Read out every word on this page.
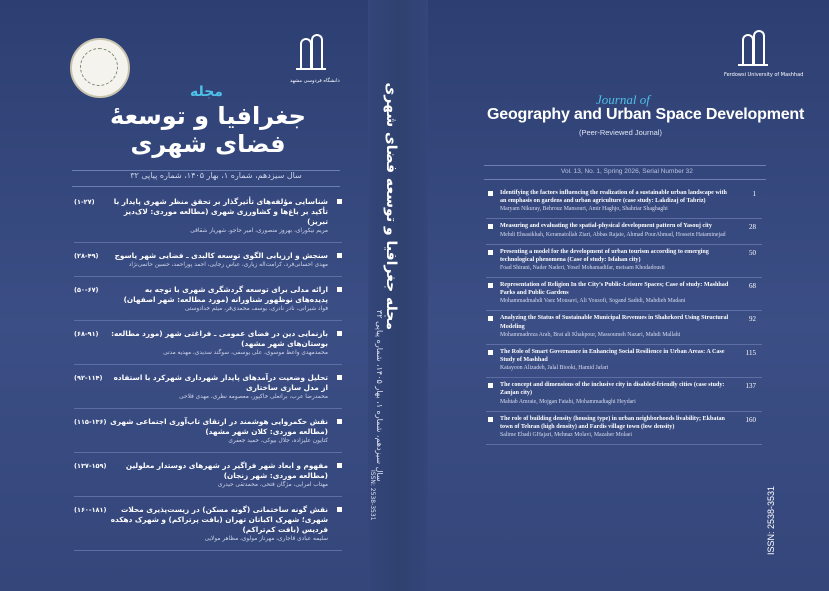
دانشگاه فردوسی مشهد
مجله
جغرافیا و توسعهٔ فضای شهری
سال سیزدهم، شماره ۱، بهار ۱۴۰۵، شماره پیاپی ۳۲
شناسایی مؤلفه‌های تأثیرگذار بر تحقق منظر شهری پایدار با تأکید بر باغ‌ها و کشاورزی شهری (مطالعه موردی: لاک‌دیز تبریز)
مریم نیکورای، بهروز منصوری، امیر حاجو، شهریار شقاقی
(۱-۲۷)
سنجش و ارزیابی الگوی توسعه کالبدی ـ فضایی شهر یاسوج
مهدی احسانی‌فرد، کرامت‌اله زیاری، عباس رجایی، احمد پوراحمد، حسین حاتمی‌نژاد
(۲۸-۴۹)
ارائه مدلی برای توسعه گردشگری شهری با توجه به پدیده‌های نوظهور شناورانه (مورد مطالعه: شهر اصفهان)
فواد شیرانی، نادر نادری، یوسف محمدی‌فر، میثم خدادوستی
(۵۰-۶۷)
بازنمایی دین در فضای عمومی ـ فراغتی شهر (مورد مطالعه: بوستان‌های شهر مشهد)
محمدمهدی واعظ موسوی، علی یوسفی، سوگند سدیدی، مهدیه مدنی
(۶۸-۹۱)
تحلیل وضعیت درآمدهای پایدار شهرداری شهرکرد با استفاده از مدل سازی ساختاری
محمدرضا عرب، براتعلی خاکپور، معصومه نظری، مهدی فلاحی
(۹۲-۱۱۴)
نقش حکمروایی هوشمند در ارتقای تاب‌آوری اجتماعی شهری (مطالعه موردی: کلان شهر مشهد)
کتایون علیزاده، جلال بیوکی، حمید جعفری
(۱۱۵-۱۳۶)
مفهوم و ابعاد شهر فراگیر در شهرهای دوستدار معلولین (مطالعه موردی: شهر زنجان)
مهتاب امرایی، مژگان فتحی، محمدتقی حیدری
(۱۳۷-۱۵۹)
نقش گونه ساختمانی (گونه مسکن) در زیست‌پذیری محلات شهری؛ شهرک اکباتان تهران (بافت پرتراکم) و شهرک دهکده فردیس (بافت کم‌تراکم)
سلیمه عبادی قاجاری، مهرناز مولوی، مظاهر مولایی
(۱۶۰-۱۸۱)
مجله جغرافیا و توسعه فضای شهری
سال سیزدهم، شماره ۱، بهار ۱۴۰۵، شماره پیاپی ۳۲
ISSN: 2538-3531
Ferdowsi University of Mashhad
Journal of
Geography and Urban Space Development
(Peer-Reviewed Journal)
Vol. 13, No. 1, Spring 2026, Serial Number 32
Identifying the factors influencing the realization of a sustainable urban landscape with an emphasis on gardens and urban agriculture (case study: Lakdizaj of Tabriz)
Maryam Nikuray, Behrouz Mansouri, Amir Haghjo, Shahriar Shaghaghi
1
Measuring and evaluating the spatial-physical development pattern of Yasouj city
Mehdi Ehsasikhah, Keramatollah Ziari, Abbas Rajaie, Ahmad PourAhmad, Hossein Hataminejad
28
Presenting a model for the development of urban tourism according to emerging technological phenomena (Case of study: Isfahan city)
Foad Shirani, Nader Naderi, Yosef Mohamadifar, meisam Khodadousti
50
Representation of Religion In the City’s Public-Leisure Spaces; Case of study: Mashhad Parks and Public Gardens
Mohammadmahdi Vaez Mousavi, Ali Yousofi, Sogand Sadidi, Mahdieh Madani
68
Analyzing the Status of Sustainable Municipal Revenues in Shahrkord Using Structural Modeling
Mohammadreza Arab, Brat ali Khakpour, Massoumeh Nazari, Mahdi Mallahi
92
The Role of Smart Governance in Enhancing Social Resilience in Urban Areas: A Case Study of Mashhad
Katayoon Alizadeh, Jalal Biooki, Hamid Jafari
115
The concept and dimensions of the inclusive city in disabled-friendly cities (case study: Zanjan city)
Mahtab Amraie, Mojgan Fatahi, Mohammadtaghi Heydari
137
The role of building density (housing type) in urban neighborhoods livability; Ekbatan town of Tehran (high density) and Fardis village town (low density)
Salime Ebadi GHajari, Mehnaz Molavi, Mazaher Molaei
160
ISSN: 2538-3531
